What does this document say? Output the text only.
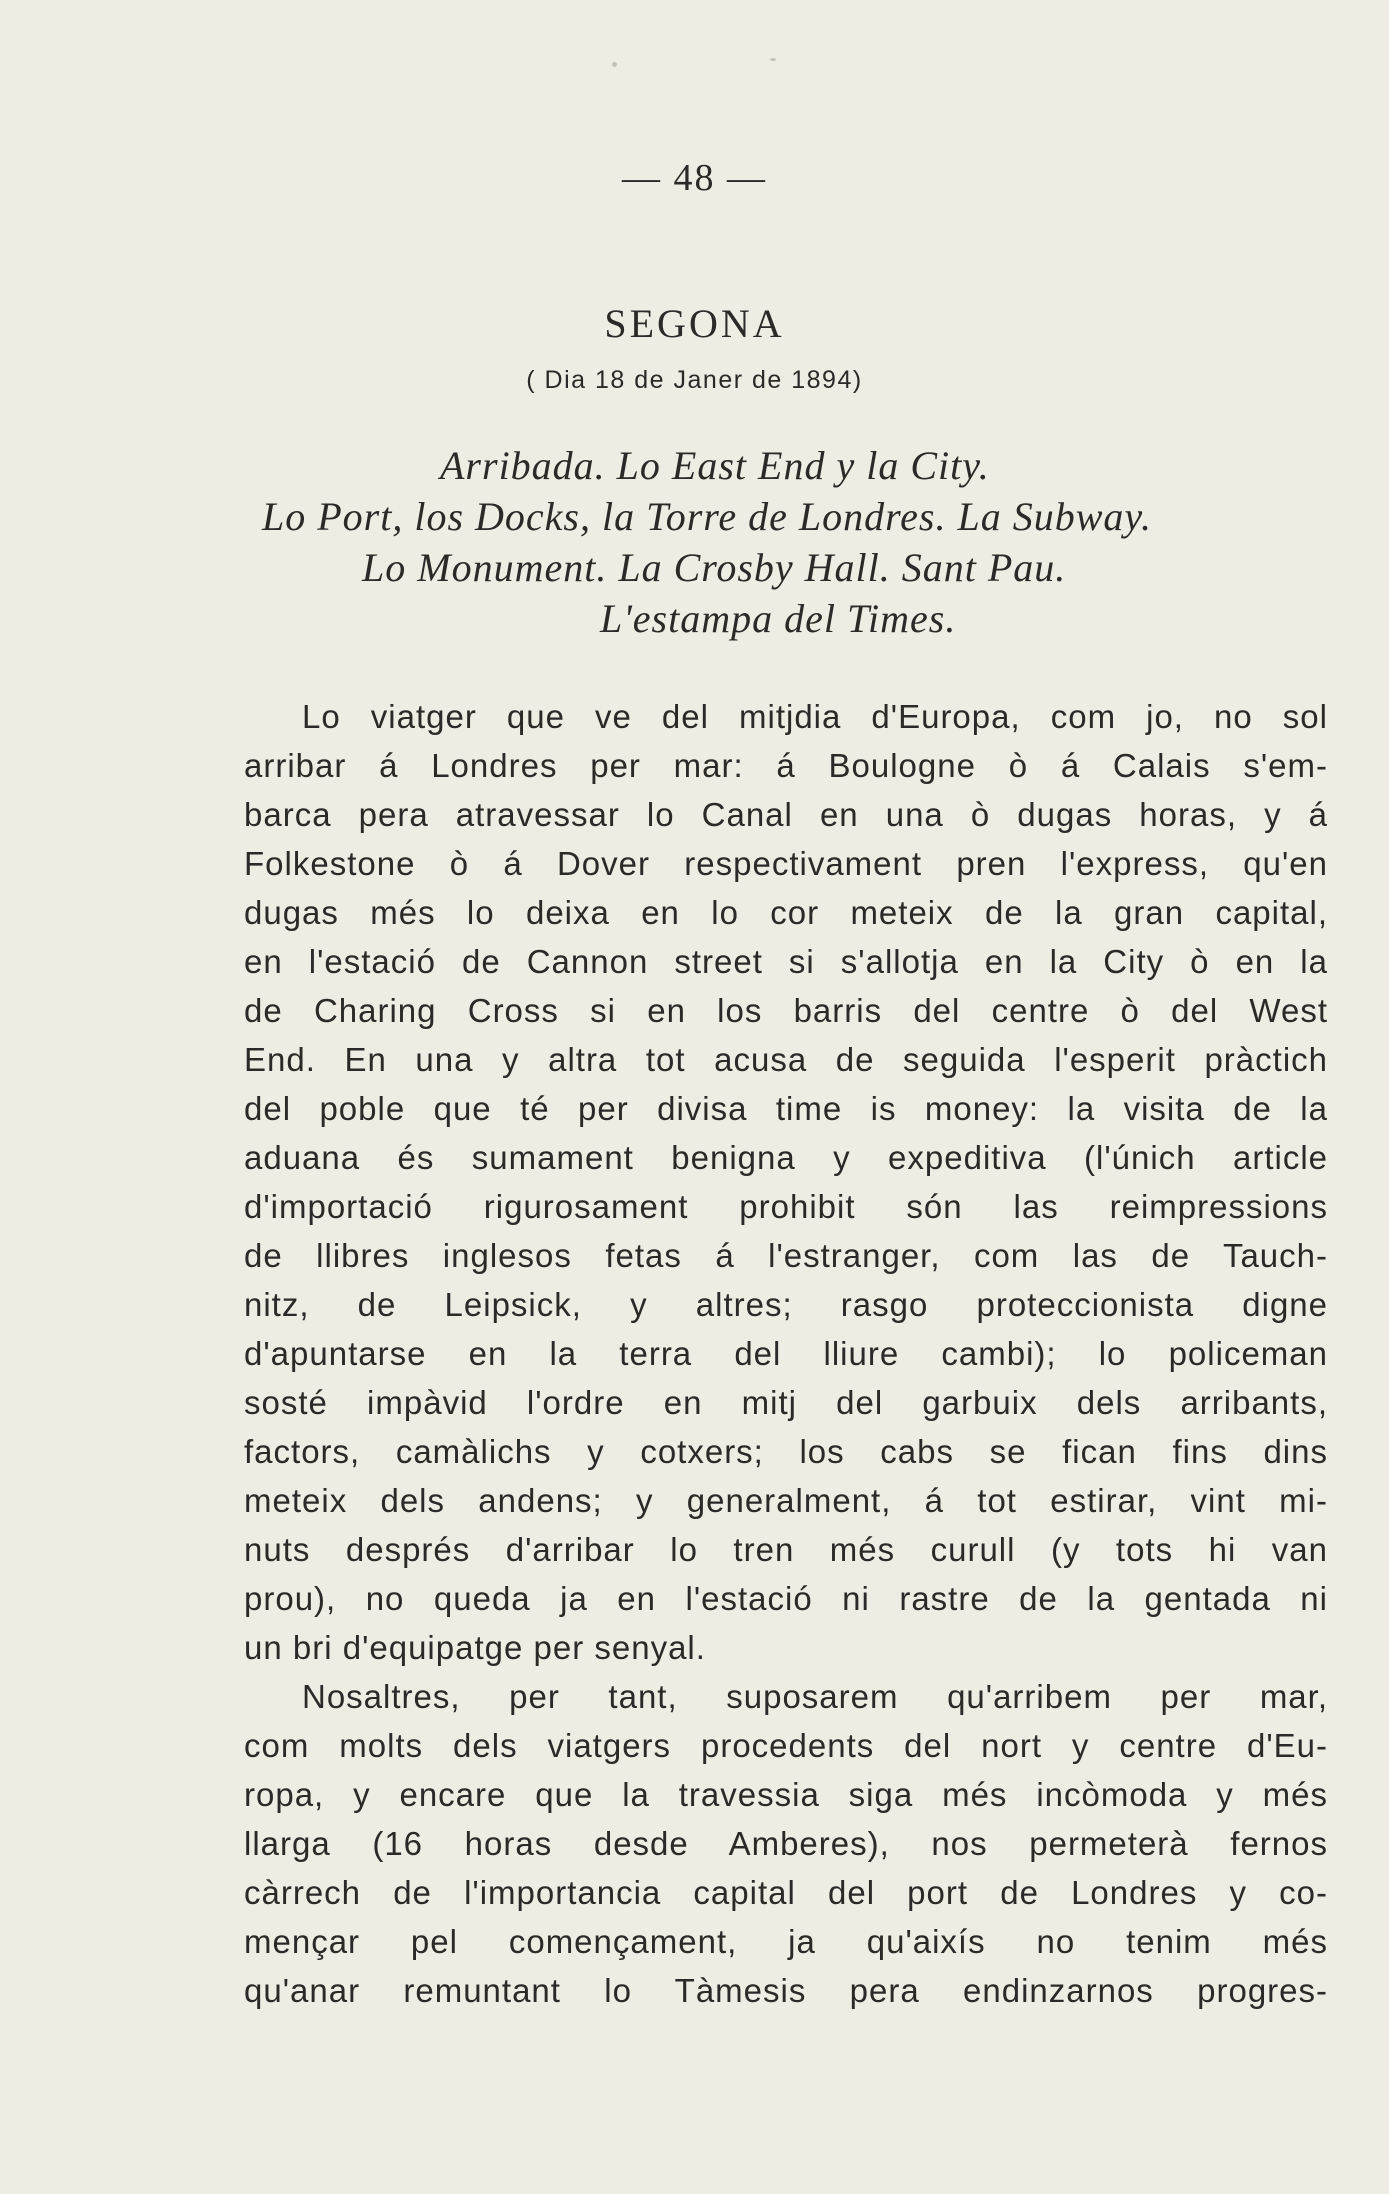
— 48 —
SEGONA
( Dia 18 de Janer de 1894)
Arribada. Lo East End y la City.
Lo Port, los Docks, la Torre de Londres. La Subway.
Lo Monument. La Crosby Hall. Sant Pau.
L'estampa del Times.
Lo viatger que ve del mitjdia d'Europa, com jo, no sol
arribar á Londres per mar: á Boulogne ò á Calais s'em-
barca pera atravessar lo Canal en una ò dugas horas, y á
Folkestone ò á Dover respectivament pren l'express, qu'en
dugas més lo deixa en lo cor meteix de la gran capital,
en l'estació de Cannon street si s'allotja en la City ò en la
de Charing Cross si en los barris del centre ò del West
End. En una y altra tot acusa de seguida l'esperit pràctich
del poble que té per divisa time is money: la visita de la
aduana és sumament benigna y expeditiva (l'únich article
d'importació rigurosament prohibit són las reimpressions
de llibres inglesos fetas á l'estranger, com las de Tauch-
nitz, de Leipsick, y altres; rasgo proteccionista digne
d'apuntarse en la terra del lliure cambi); lo policeman
sosté impàvid l'ordre en mitj del garbuix dels arribants,
factors, camàlichs y cotxers; los cabs se fican fins dins
meteix dels andens; y generalment, á tot estirar, vint mi-
nuts després d'arribar lo tren més curull (y tots hi van
prou), no queda ja en l'estació ni rastre de la gentada ni
un bri d'equipatge per senyal.
Nosaltres, per tant, suposarem qu'arribem per mar,
com molts dels viatgers procedents del nort y centre d'Eu-
ropa, y encare que la travessia siga més incòmoda y més
llarga (16 horas desde Amberes), nos permeterà fernos
càrrech de l'importancia capital del port de Londres y co-
mençar pel començament, ja qu'aixís no tenim més
qu'anar remuntant lo Tàmesis pera endinzarnos progres-
